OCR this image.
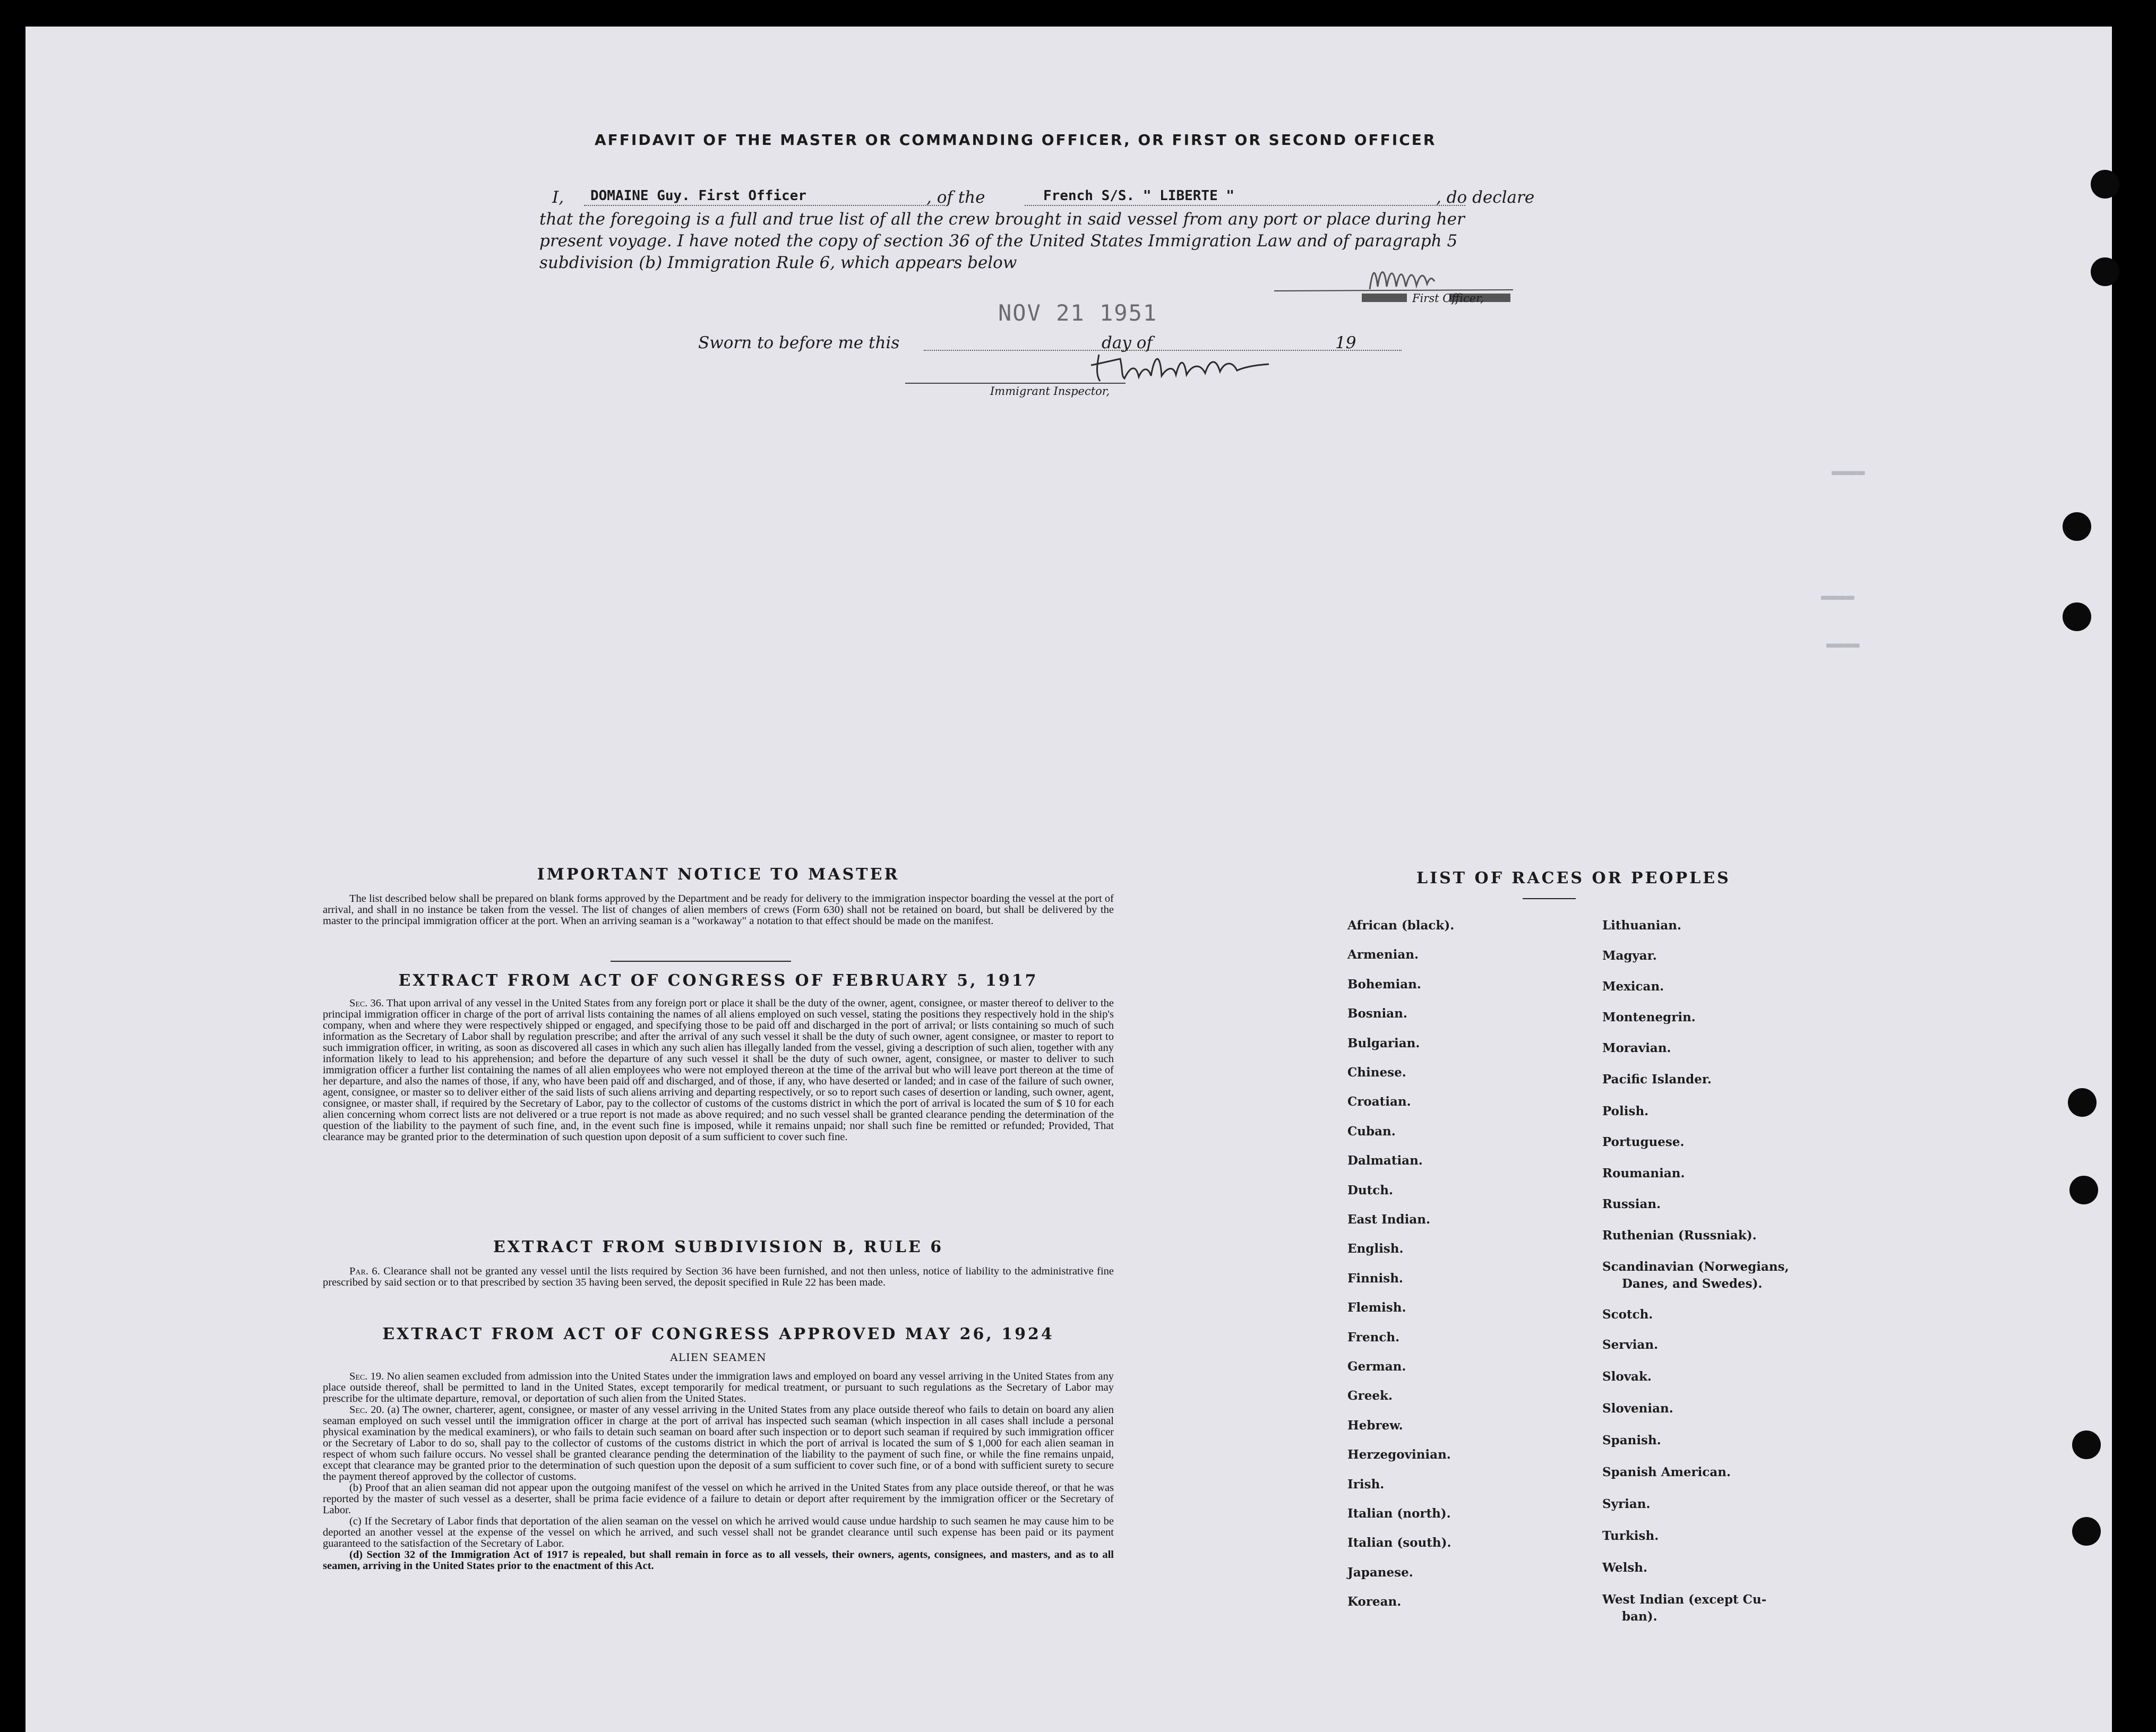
▬▬▬▬
▬▬▬▬
▬▬▬▬
AFFIDAVIT OF THE MASTER OR COMMANDING OFFICER, OR FIRST OR SECOND OFFICER
I, DOMAINE Guy. First Officer	, of the	French S/S. " LIBERTE "	, do declare
that the foregoing is a full and true list of all the crew brought in said vessel from any port or place during her
present voyage. I have noted the copy of section 36 of the United States Immigration Law and of paragraph 5
subdivision (b) Immigration Rule 6, which appears below
First Officer,
Sworn to before me this
NOV 21 1951
day of	19
Immigrant Inspector,
IMPORTANT NOTICE TO MASTER

The list described below shall be prepared on blank forms approved by the Department and be ready for delivery to the immigration inspector boarding the vessel at the port of arrival, and shall in no instance be taken from the vessel. The list of changes of alien members of crews (Form 630) shall not be retained on board, but shall be delivered by the master to the principal immigration officer at the port. When an arriving seaman is a "workaway" a notation to that effect should be made on the manifest.

EXTRACT FROM ACT OF CONGRESS OF FEBRUARY 5, 1917

Sec. 36. That upon arrival of any vessel in the United States from any foreign port or place it shall be the duty of the owner, agent, consignee, or master thereof to deliver to the principal immigration officer in charge of the port of arrival lists containing the names of all aliens employed on such vessel, stating the positions they respectively hold in the ship's company, when and where they were respectively shipped or engaged, and specifying those to be paid off and discharged in the port of arrival; or lists containing so much of such information as the Secretary of Labor shall by regulation prescribe; and after the arrival of any such vessel it shall be the duty of such owner, agent consignee, or master to report to such immigration officer, in writing, as soon as discovered all cases in which any such alien has illegally landed from the vessel, giving a description of such alien, together with any information likely to lead to his apprehension; and before the departure of any such vessel it shall be the duty of such owner, agent, consignee, or master to deliver to such immigration officer a further list containing the names of all alien employees who were not employed thereon at the time of the arrival but who will leave port thereon at the time of her departure, and also the names of those, if any, who have been paid off and discharged, and of those, if any, who have deserted or landed; and in case of the failure of such owner, agent, consignee, or master so to deliver either of the said lists of such aliens arriving and departing respectively, or so to report such cases of desertion or landing, such owner, agent, consignee, or master shall, if required by the Secretary of Labor, pay to the collector of customs of the customs district in which the port of arrival is located the sum of $ 10 for each alien concerning whom correct lists are not delivered or a true report is not made as above required; and no such vessel shall be granted clearance pending the determination of the question of the liability to the payment of such fine, and, in the event such fine is imposed, while it remains unpaid; nor shall such fine be remitted or refunded; Provided, That clearance may be granted prior to the determination of such question upon deposit of a sum sufficient to cover such fine.

EXTRACT FROM SUBDIVISION B, RULE 6

Par. 6. Clearance shall not be granted any vessel until the lists required by Section 36 have been furnished, and not then unless, notice of liability to the administrative fine prescribed by said section or to that prescribed by section 35 having been served, the deposit specified in Rule 22 has been made.

EXTRACT FROM ACT OF CONGRESS APPROVED MAY 26, 1924
ALIEN SEAMEN

Sec. 19. No alien seamen excluded from admission into the United States under the immigration laws and employed on board any vessel arriving in the United States from any place outside thereof, shall be permitted to land in the United States, except temporarily for medical treatment, or pursuant to such regulations as the Secretary of Labor may prescribe for the ultimate departure, removal, or deportation of such alien from the United States.

Sec. 20. (a) The owner, charterer, agent, consignee, or master of any vessel arriving in the United States from any place outside thereof who fails to detain on board any alien seaman employed on such vessel until the immigration officer in charge at the port of arrival has inspected such seaman (which inspection in all cases shall include a personal physical examination by the medical examiners), or who fails to detain such seaman on board after such inspection or to deport such seaman if required by such immigration officer or the Secretary of Labor to do so, shall pay to the collector of customs of the customs district in which the port of arrival is located the sum of $ 1,000 for each alien seaman in respect of whom such failure occurs. No vessel shall be granted clearance pending the determination of the liability to the payment of such fine, or while the fine remains unpaid, except that clearance may be granted prior to the determination of such question upon the deposit of a sum sufficient to cover such fine, or of a bond with sufficient surety to secure the payment thereof approved by the collector of customs.

(b) Proof that an alien seaman did not appear upon the outgoing manifest of the vessel on which he arrived in the United States from any place outside thereof, or that he was reported by the master of such vessel as a deserter, shall be prima facie evidence of a failure to detain or deport after requirement by the immigration officer or the Secretary of Labor.

(c) If the Secretary of Labor finds that deportation of the alien seaman on the vessel on which he arrived would cause undue hardship to such seamen he may cause him to be deported an another vessel at the expense of the vessel on which he arrived, and such vessel shall not be grandet clearance until such expense has been paid or its payment guaranteed to the satisfaction of the Secretary of Labor.

(d) Section 32 of the Immigration Act of 1917 is repealed, but shall remain in force as to all vessels, their owners, agents, consignees, and masters, and as to all seamen, arriving in the United States prior to the enactment of this Act.

LIST OF RACES OR PEOPLES
African (black).
Armenian.
Bohemian.
Bosnian.
Bulgarian.
Chinese.
Croatian.
Cuban.
Dalmatian.
Dutch.
East Indian.
English.
Finnish.
Flemish.
French.
German.
Greek.
Hebrew.
Herzegovinian.
Irish.
Italian (north).
Italian (south).
Japanese.
Korean.
Lithuanian.
Magyar.
Mexican.
Montenegrin.
Moravian.
Pacific Islander.
Polish.
Portuguese.
Roumanian.
Russian.
Ruthenian (Russniak).
Scandinavian (Norwegians,
Danes, and Swedes).
Scotch.
Servian.
Slovak.
Slovenian.
Spanish.
Spanish American.
Syrian.
Turkish.
Welsh.
West Indian (except Cu-
ban).
